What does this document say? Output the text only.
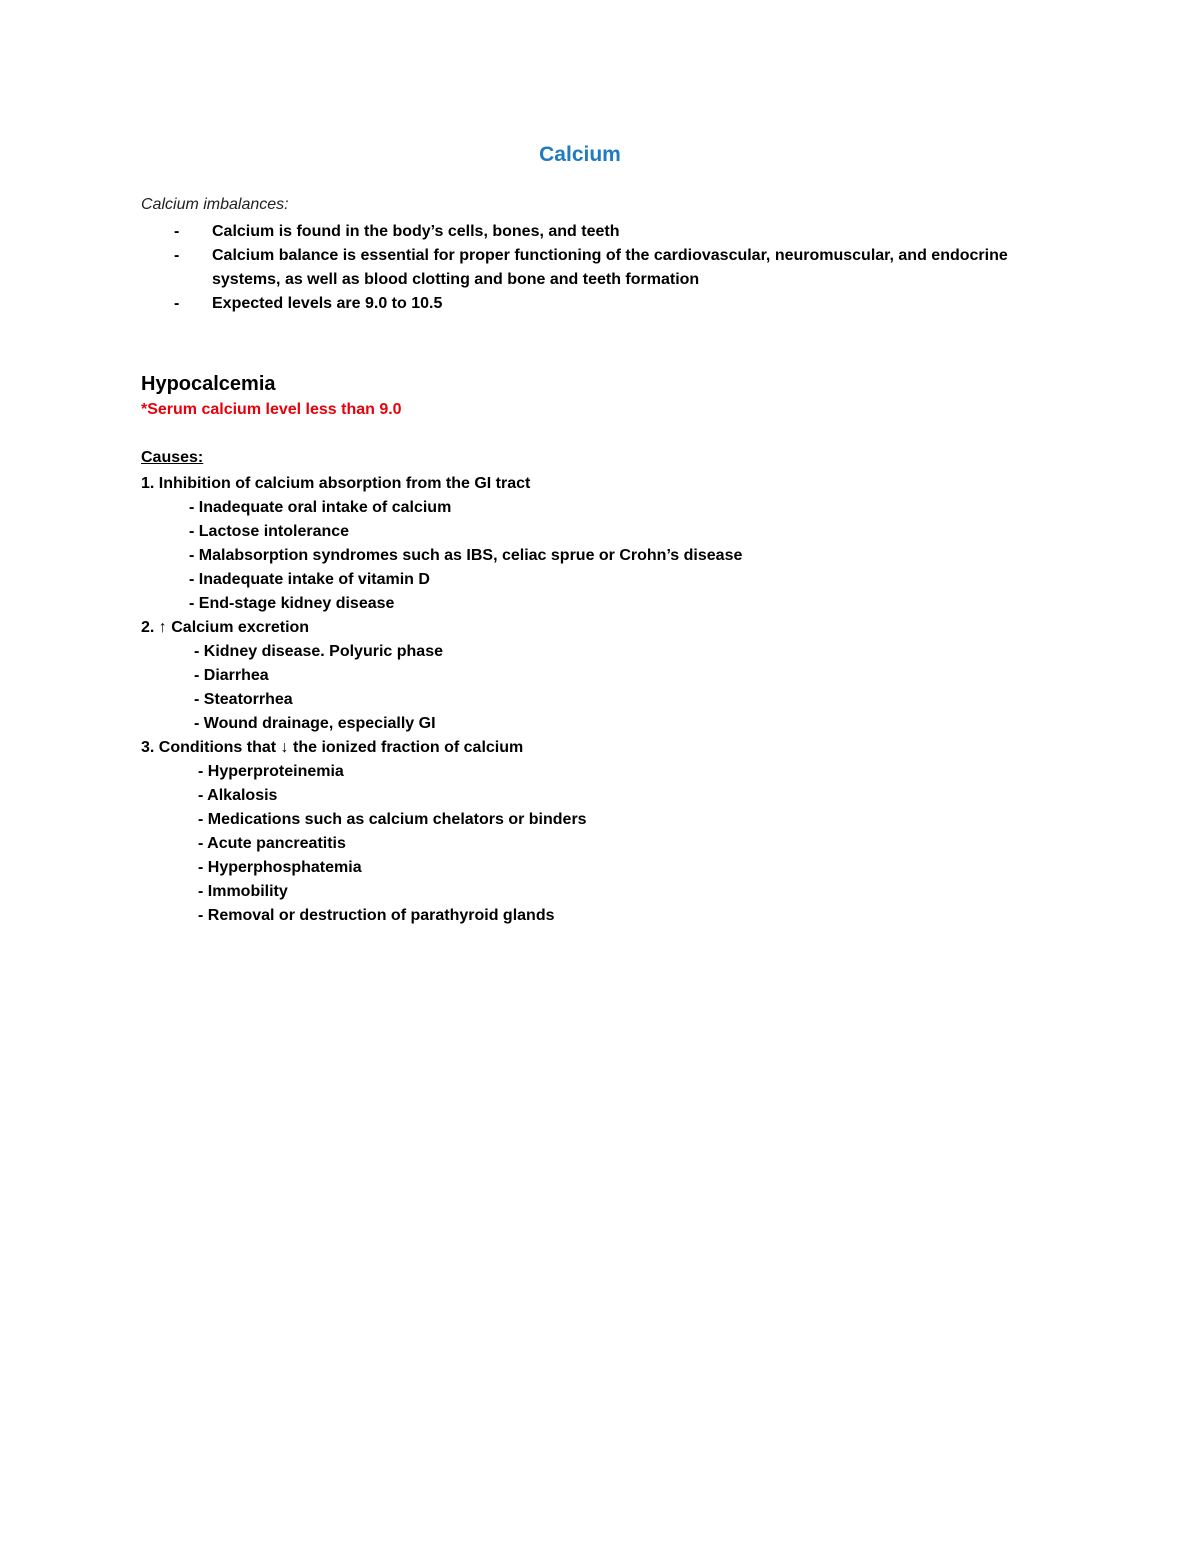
Calcium
Calcium imbalances:
- Calcium is found in the body’s cells, bones, and teeth
- Calcium balance is essential for proper functioning of the cardiovascular, neuromuscular, and endocrine systems, as well as blood clotting and bone and teeth formation
- Expected levels are 9.0 to 10.5
Hypocalcemia
*Serum calcium level less than 9.0
Causes:
1. Inhibition of calcium absorption from the GI tract
- Inadequate oral intake of calcium
- Lactose intolerance
- Malabsorption syndromes such as IBS, celiac sprue or Crohn’s disease
- Inadequate intake of vitamin D
- End-stage kidney disease
2. ↑ Calcium excretion
- Kidney disease. Polyuric phase
- Diarrhea
- Steatorrhea
- Wound drainage, especially GI
3. Conditions that ↓ the ionized fraction of calcium
- Hyperproteinemia
- Alkalosis
- Medications such as calcium chelators or binders
- Acute pancreatitis
- Hyperphosphatemia
- Immobility
- Removal or destruction of parathyroid glands
